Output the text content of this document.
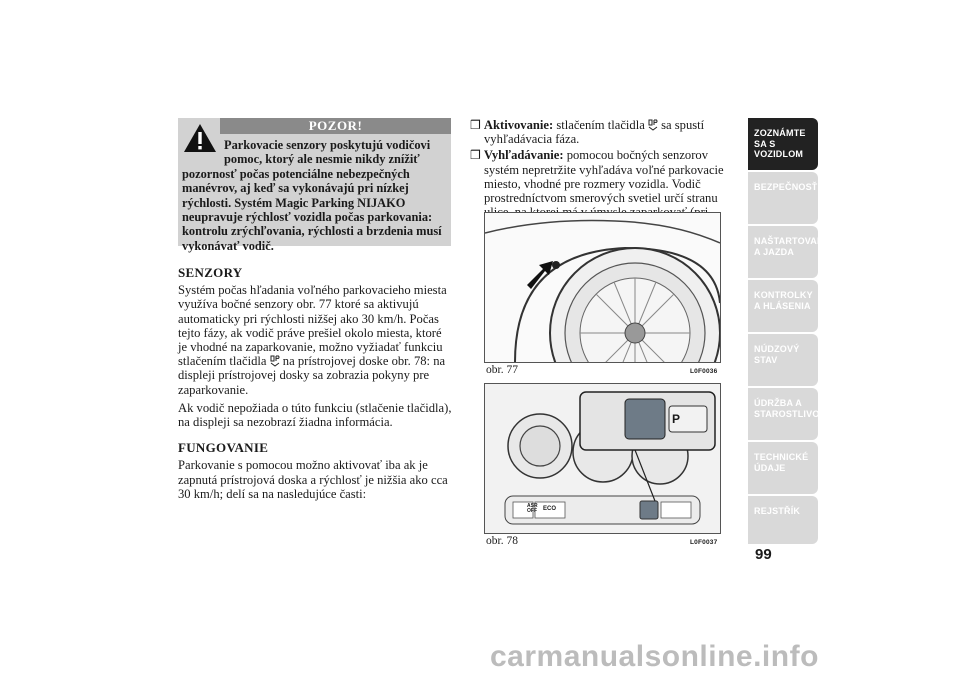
POZOR!
Parkovacie senzory poskytujú vodičovi
pomoc, ktorý ale nesmie nikdy znížiť
pozornosť počas potenciálne nebezpečných manévrov, aj keď sa vykonávajú pri nízkej rýchlosti. Systém Magic Parking NIJAKO neupravuje rýchlosť vozidla počas parkovania: kontrolu zrýchľovania, rýchlosti a brzdenia musí vykonávať vodič.
SENZORY

Systém počas hľadania voľného parkovacieho miesta využíva bočné senzory obr. 77 ktoré sa aktivujú automaticky pri rýchlosti nižšej ako 30 km/h. Počas tejto fázy, ak vodič práve prešiel okolo miesta, ktoré je vhodné na zaparkovanie, možno vyžiadať funkciu stlačením tlačidla na prístrojovej doske obr. 78: na displeji prístrojovej dosky sa zobrazia pokyny pre zaparkovanie.

Ak vodič nepožiada o túto funkciu (stlačenie tlačidla), na displeji sa nezobrazí žiadna informácia.

FUNGOVANIE

Parkovanie s pomocou možno aktivovať iba ak je zapnutá prístrojová doska a rýchlosť je nižšia ako cca 30 km/h; delí sa na nasledujúce časti:

❒ Aktivovanie: stlačením tlačidla sa spustí vyhľadávacia fáza.
❒ Vyhľadávanie: pomocou bočných senzorov systém nepretržite vyhľadáva voľné parkovacie miesto, vhodné pre rozmery vozidla. Vodič prostredníctvom smerových svetiel určí stranu
obr. 77	L0F0036
ASR
OFF ECO
P
obr. 78	L0F0037
ZOZNÁMTE SA S VOZIDLOM
BEZPEČNOSŤ
NAŠTARTOVANIE A JAZDA
KONTROLKY A HLÁSENIA
NÚDZOVÝ STAV
ÚDRŽBA A STAROSTLIVOSŤ
TECHNICKÉ ÚDAJE
REJSTŘÍK
99
carmanualsonline.info
